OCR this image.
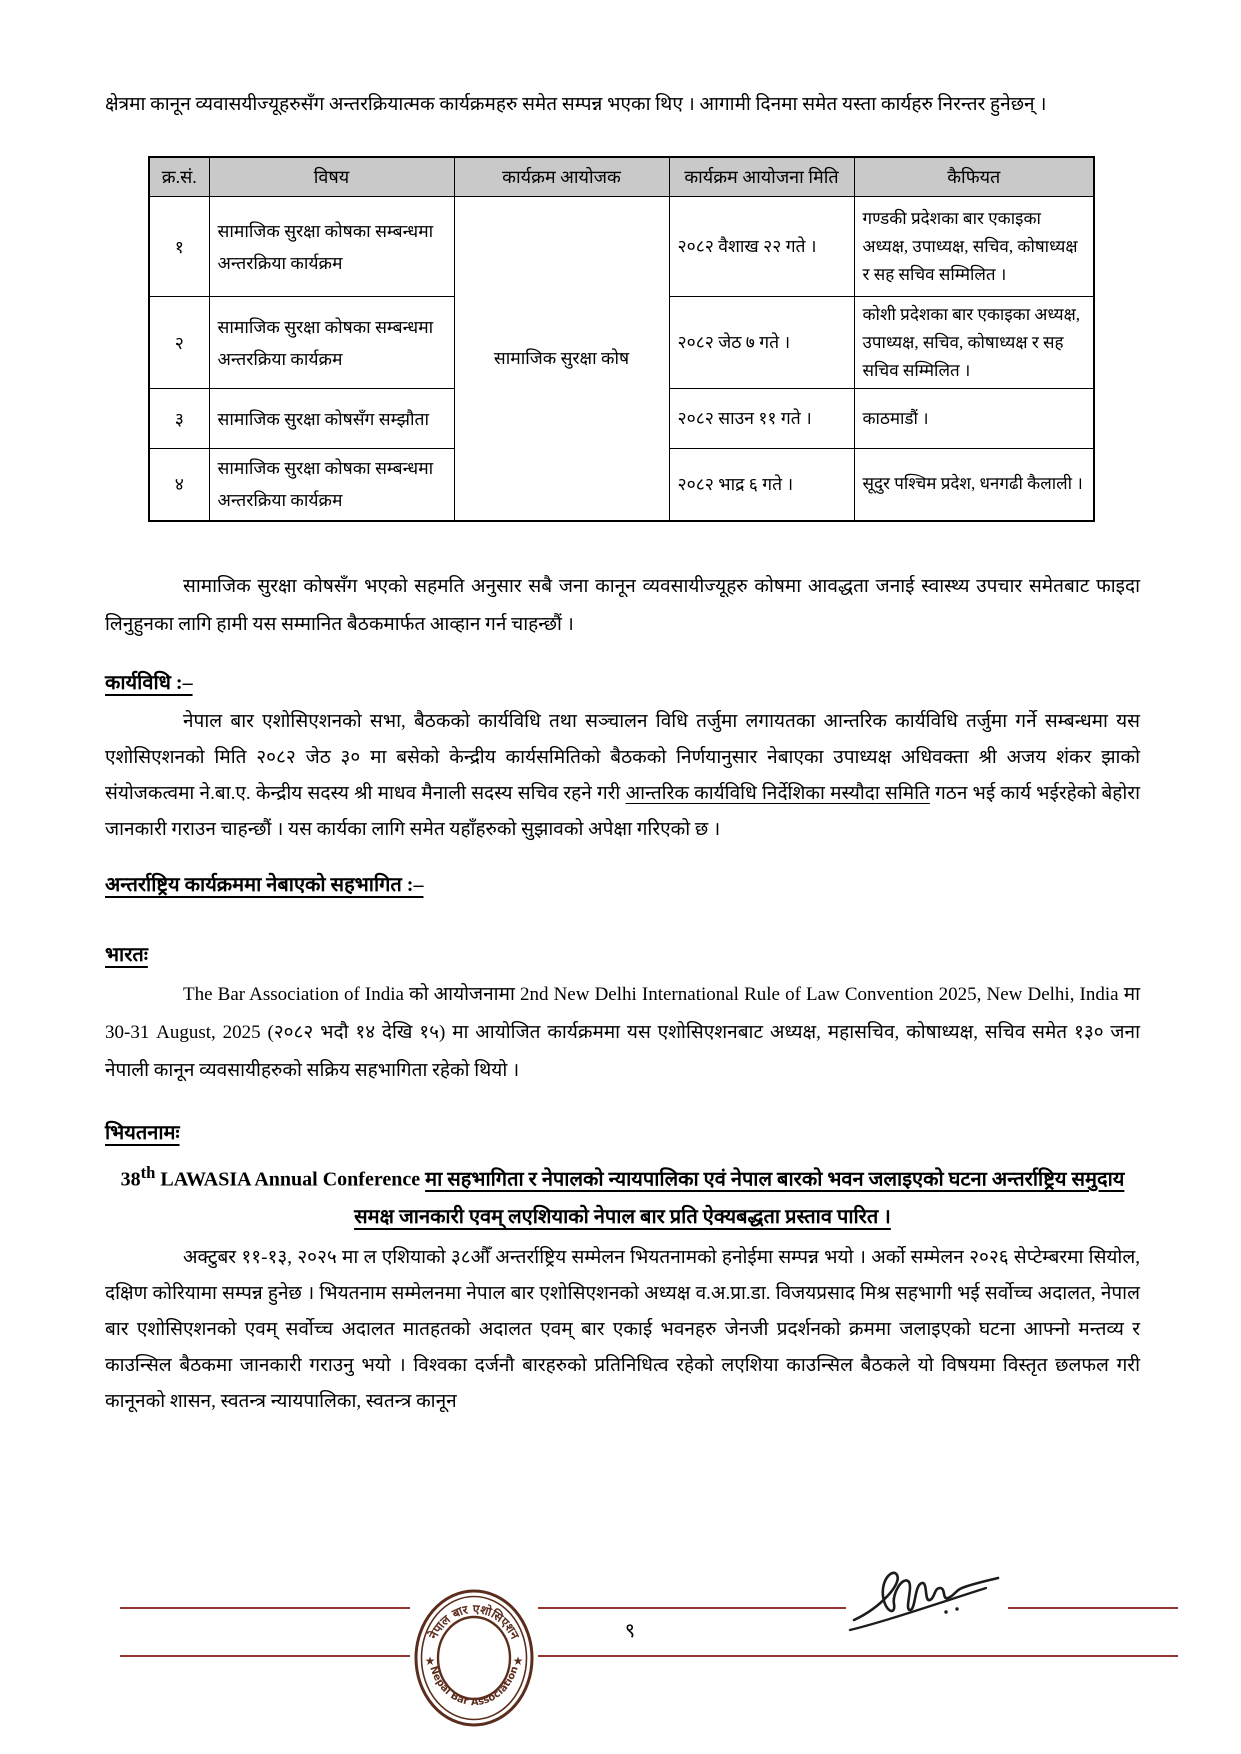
क्षेत्रमा कानून व्यवासयीज्यूहरुसँग अन्तरक्रियात्मक कार्यक्रमहरु समेत सम्पन्न भएका थिए । आगामी दिनमा समेत यस्ता कार्यहरु निरन्तर हुनेछन् ।

क्र.सं.	विषय	कार्यक्रम आयोजक	कार्यक्रम आयोजना मिति	कैफियत
१	सामाजिक सुरक्षा कोषका सम्बन्धमा अन्तरक्रिया कार्यक्रम	सामाजिक सुरक्षा कोष	२०८२ वैशाख २२ गते ।	गण्डकी प्रदेशका बार एकाइका अध्यक्ष, उपाध्यक्ष, सचिव, कोषाध्यक्ष र सह सचिव सम्मिलित ।
२	सामाजिक सुरक्षा कोषका सम्बन्धमा अन्तरक्रिया कार्यक्रम		२०८२ जेठ ७ गते ।	कोशी प्रदेशका बार एकाइका अध्यक्ष, उपाध्यक्ष, सचिव, कोषाध्यक्ष र सह सचिव सम्मिलित ।
३	सामाजिक सुरक्षा कोषसँग सम्झौता		२०८२ साउन ११ गते ।	काठमाडौं ।
४	सामाजिक सुरक्षा कोषका सम्बन्धमा अन्तरक्रिया कार्यक्रम		२०८२ भाद्र ६ गते ।	सूदुर पश्चिम प्रदेश, धनगढी कैलाली ।

सामाजिक सुरक्षा कोषसँग भएको सहमति अनुसार सबै जना कानून व्यवसायीज्यूहरु कोषमा आवद्धता जनाई स्वास्थ्य उपचार समेतबाट फाइदा लिनुहुनका लागि हामी यस सम्मानित बैठकमार्फत आव्हान गर्न चाहन्छौं ।

कार्यविधि :–

नेपाल बार एशोसिएशनको सभा, बैठकको कार्यविधि तथा सञ्चालन विधि तर्जुमा लगायतका आन्तरिक कार्यविधि तर्जुमा गर्ने सम्बन्धमा यस एशोसिएशनको मिति २०८२ जेठ ३० मा बसेको केन्द्रीय कार्यसमितिको बैठकको निर्णयानुसार नेबाएका उपाध्यक्ष अधिवक्ता श्री अजय शंकर झाको संयोजकत्वमा ने.बा.ए. केन्द्रीय सदस्य श्री माधव मैनाली सदस्य सचिव रहने गरी आन्तरिक कार्यविधि निर्देशिका मस्यौदा समिति गठन भई कार्य भईरहेको बेहोरा जानकारी गराउन चाहन्छौं । यस कार्यका लागि समेत यहाँहरुको सुझावको अपेक्षा गरिएको छ ।

अन्तर्राष्ट्रिय कार्यक्रममा नेबाएको सहभागित :–
भारतः

The Bar Association of India को आयोजनामा 2nd New Delhi International Rule of Law Convention 2025, New Delhi, India मा 30-31 August, 2025 (२०८२ भदौ १४ देखि १५) मा आयोजित कार्यक्रममा यस एशोसिएशनबाट अध्यक्ष, महासचिव, कोषाध्यक्ष, सचिव समेत १३० जना नेपाली कानून व्यवसायीहरुको सक्रिय सहभागिता रहेको थियो ।

भियतनामः
38th LAWASIA Annual Conference मा सहभागिता र नेपालको न्यायपालिका एवं नेपाल बारको भवन जलाइएको घटना अन्तर्राष्ट्रिय समुदाय समक्ष जानकारी एवम् लएशियाको नेपाल बार प्रति ऐक्यबद्धता प्रस्ताव पारित ।

अक्टुबर ११-१३, २०२५ मा ल एशियाको ३८औँ अन्तर्राष्ट्रिय सम्मेलन भियतनामको हनोईमा सम्पन्न भयो । अर्को सम्मेलन २०२६ सेप्टेम्बरमा सियोल, दक्षिण कोरियामा सम्पन्न हुनेछ । भियतनाम सम्मेलनमा नेपाल बार एशोसिएशनको अध्यक्ष व.अ.प्रा.डा. विजयप्रसाद मिश्र सहभागी भई सर्वोच्च अदालत, नेपाल बार एशोसिएशनको एवम् सर्वोच्च अदालत मातहतको अदालत एवम् बार एकाई भवनहरु जेनजी प्रदर्शनको क्रममा जलाइएको घटना आफ्नो मन्तव्य र काउन्सिल बैठकमा जानकारी गराउनु भयो । विश्वका दर्जनौ बारहरुको प्रतिनिधित्व रहेको लएशिया काउन्सिल बैठकले यो विषयमा विस्तृत छलफल गरी कानूनको शासन, स्वतन्त्र न्यायपालिका, स्वतन्त्र कानून

९
नेपाल बार एशोसिएशन
Nepal Bar Association
★	★
